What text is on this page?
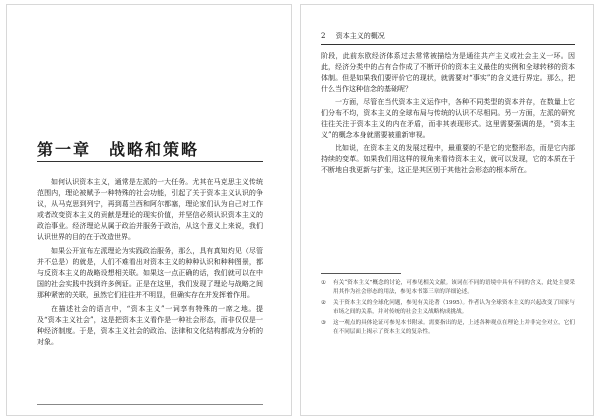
第一章　战略和策略

如何认识资本主义，通常是左派的一大任务。尤其在马克思主义传统范围内，理论被赋予一种特殊的社会功能，引起了关于资本主义认识的争议，从马克思到列宁，再到葛兰西和阿尔都塞，理论家们认为自己对工作或者改变资本主义的贡献是理论的现实价值，并坚信必须认识资本主义的政治事业。经济理论从属于政治并服务于政治，从这个意义上来说，我们认识世界的目的在于改造世界。

如果公开宣布左派理论为实践政治服务，那么，具有真知灼见（尽管并不总是）的就是，人们不难看出对资本主义的种种认识和种种图景，都与反资本主义的战略设想相关联。如果这一点正确的话，我们就可以在中国的社会实践中找到许多例证。正是在这里，我们发现了理论与战略之间那种紧密的关联，虽然它们往往并不明显，但确实存在并发挥着作用。

在描述社会的语言中，“资本主义”一词享有特殊的一席之地。提及“资本主义社会”，这是把资本主义看作是一种社会形态，而非仅仅是一种经济制度。于是，资本主义社会的政治、法律和文化结构都成为分析的对象。

2 资本主义的概况

阶段，此前东欧经济体系过去常常被描绘为是通往共产主义或社会主义一环。因此，经济分类中的占有合作成了不断评价的资本主义最佳的实例和全球转移的资本体制。但是如果我们要评价它的现状，就需要对“事实”的含义进行界定。那么，把什么当作这种信念的基础呢？

一方面，尽管在当代资本主义运作中，各种不同类型的资本并存，在数量上它们分布不均，资本主义的全球布局与传统的认识不尽相同。另一方面，左派的研究往往关注于资本主义的内在矛盾，而非其表现形式。这里需要强调的是，“资本主义”的概念本身就需要被重新审视。

比如说，在资本主义的发展过程中，最重要的不是它的完整形态，而是它内部持续的变革。如果我们用这样的视角来看待资本主义，就可以发现，它的本质在于不断地自我更新与扩张，这正是其区别于其他社会形态的根本所在。

①	有关“资本主义”概念的讨论，可参见相关文献。该词在不同的语境中具有不同的含义，此处主要采用其作为社会形态的用法，参见本书第三章的详细论述。
②	关于资本主义的全球化问题，参见有关论著（1995）。作者认为全球资本主义的兴起改变了国家与市场之间的关系，并对传统的社会主义战略构成挑战。
③	这一观点的具体论证可参见本书附录。需要指出的是，上述各种观点在理论上并非完全对立，它们在不同层面上揭示了资本主义的复杂性。
